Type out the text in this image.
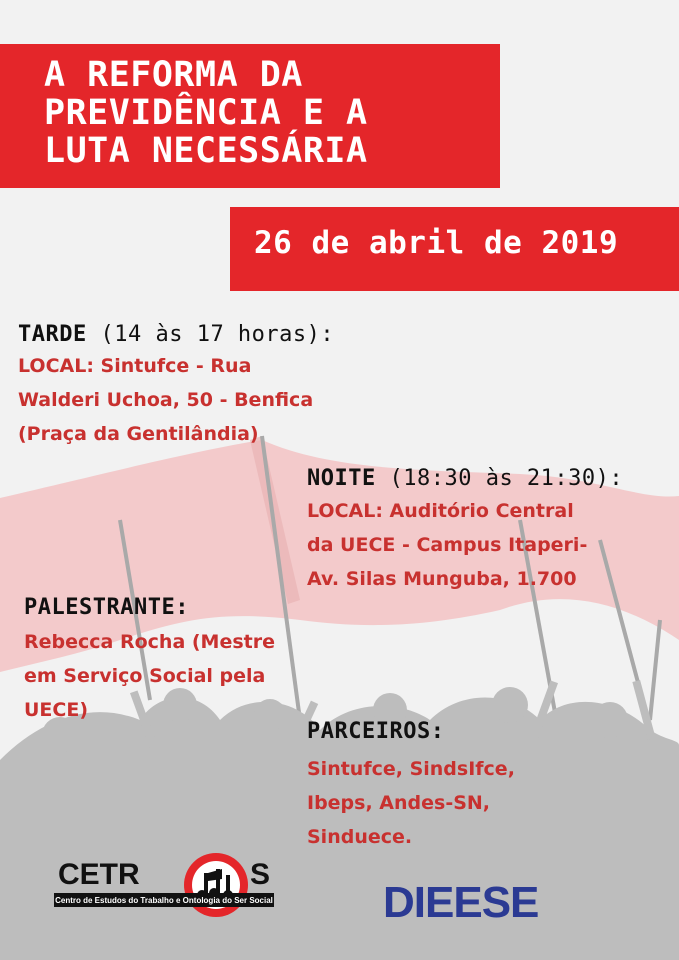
A REFORMA DA
PREVIDÊNCIA E A
LUTA NECESSÁRIA
26 de abril de 2019

TARDE (14 às 17 horas):

LOCAL: Sintufce - Rua
Walderi Uchoa, 50 - Benfica
(Praça da Gentilândia)

NOITE (18:30 às 21:30):

LOCAL: Auditório Central
da UECE - Campus Itaperi-
Av. Silas Munguba, 1.700

PALESTRANTE:

Rebecca Rocha (Mestre
em Serviço Social pela
UECE)

PARCEIROS:

Sintufce, SindsIfce,
Ibeps, Andes-SN,
Sinduece.
CETR	S
Centro de Estudos do Trabalho e Ontologia do Ser Social	DIEESE
